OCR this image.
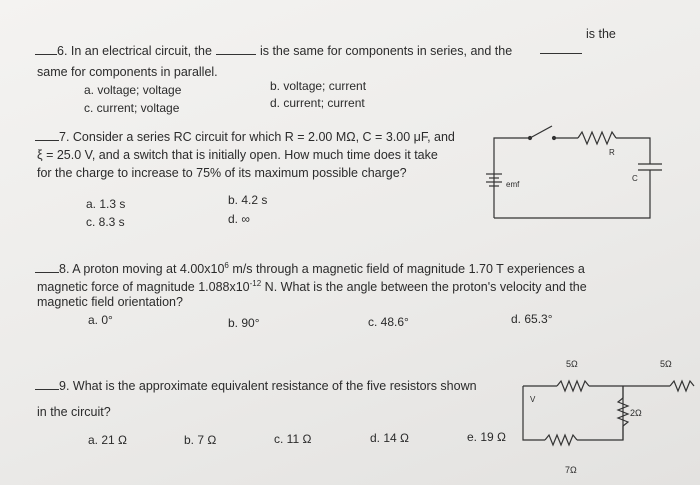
6. In an electrical circuit, the	is the same for components in series, and the
is the
same for components in parallel.
a. voltage; voltage	b. voltage; current
c. current; voltage	d. current; current
7. Consider a series RC circuit for which R = 2.00 MΩ, C = 3.00 μF, and
ξ = 25.0 V, and a switch that is initially open. How much time does it take
for the charge to increase to 75% of its maximum possible charge?
a. 1.3 s	b. 4.2 s
c. 8.3 s	d. ∞
emf
R
C
8. A proton moving at $4.00x10^6$ m/s through a magnetic field of magnitude 1.70 T experiences a
magnetic force of magnitude $1.088x10^{-12}$ N. What is the angle between the proton's velocity and the
magnetic field orientation?
a. 0°	b. 90°	c. 48.6°	d. 65.3°
9. What is the approximate equivalent resistance of the five resistors shown
in the circuit?
a. 21 Ω	b. 7 Ω	c. 11 Ω	d. 14 Ω	e. 19 Ω
V
5Ω	5Ω
2Ω
7Ω
